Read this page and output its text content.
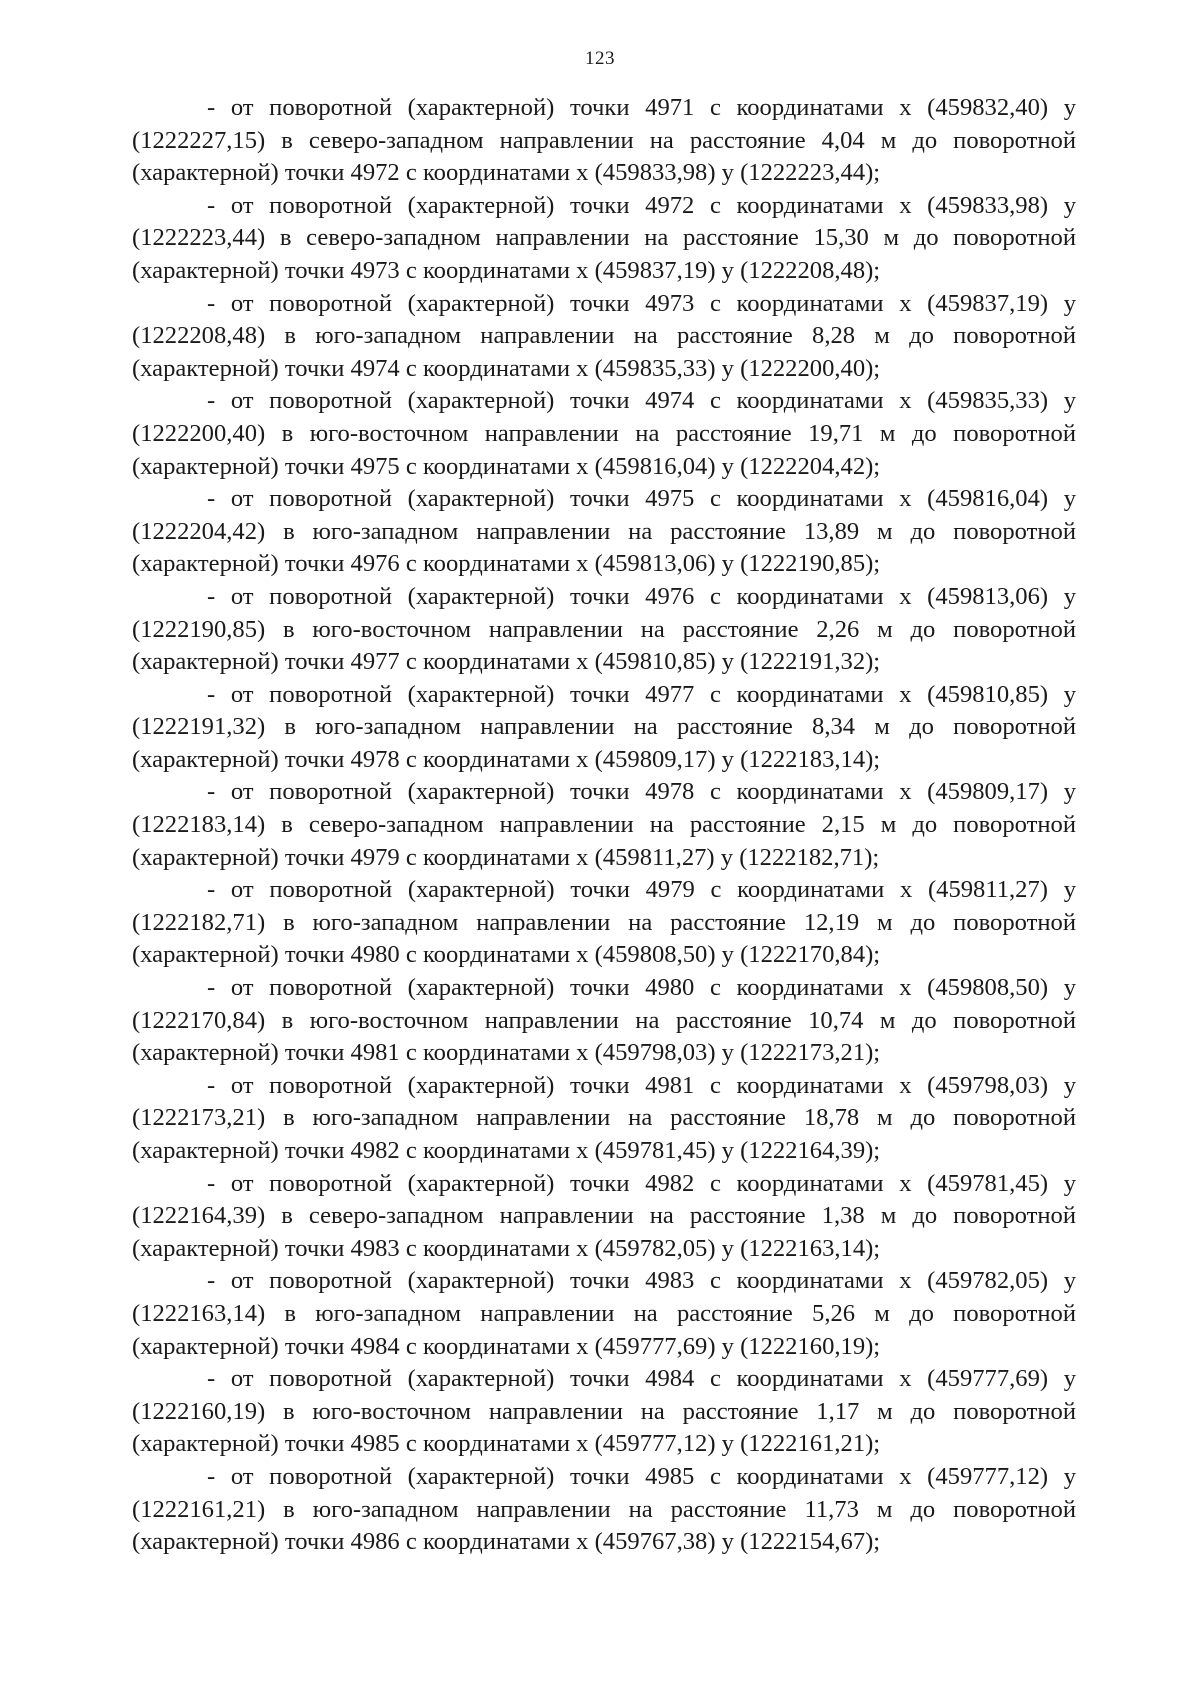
123

- от поворотной (характерной) точки 4971 с координатами х (459832,40) у (1222227,15) в северо-западном направлении на расстояние 4,04 м до поворотной (характерной) точки 4972 с координатами х (459833,98) у (1222223,44);

- от поворотной (характерной) точки 4972 с координатами х (459833,98) у (1222223,44) в северо-западном направлении на расстояние 15,30 м до поворотной (характерной) точки 4973 с координатами х (459837,19) у (1222208,48);

- от поворотной (характерной) точки 4973 с координатами х (459837,19) у (1222208,48) в юго-западном направлении на расстояние 8,28 м до поворотной (характерной) точки 4974 с координатами х (459835,33) у (1222200,40);

- от поворотной (характерной) точки 4974 с координатами х (459835,33) у (1222200,40) в юго-восточном направлении на расстояние 19,71 м до поворотной (характерной) точки 4975 с координатами х (459816,04) у (1222204,42);

- от поворотной (характерной) точки 4975 с координатами х (459816,04) у (1222204,42) в юго-западном направлении на расстояние 13,89 м до поворотной (характерной) точки 4976 с координатами х (459813,06) у (1222190,85);

- от поворотной (характерной) точки 4976 с координатами х (459813,06) у (1222190,85) в юго-восточном направлении на расстояние 2,26 м до поворотной (характерной) точки 4977 с координатами х (459810,85) у (1222191,32);

- от поворотной (характерной) точки 4977 с координатами х (459810,85) у (1222191,32) в юго-западном направлении на расстояние 8,34 м до поворотной (характерной) точки 4978 с координатами х (459809,17) у (1222183,14);

- от поворотной (характерной) точки 4978 с координатами х (459809,17) у (1222183,14) в северо-западном направлении на расстояние 2,15 м до поворотной (характерной) точки 4979 с координатами х (459811,27) у (1222182,71);

- от поворотной (характерной) точки 4979 с координатами х (459811,27) у (1222182,71) в юго-западном направлении на расстояние 12,19 м до поворотной (характерной) точки 4980 с координатами х (459808,50) у (1222170,84);

- от поворотной (характерной) точки 4980 с координатами х (459808,50) у (1222170,84) в юго-восточном направлении на расстояние 10,74 м до поворотной (характерной) точки 4981 с координатами х (459798,03) у (1222173,21);

- от поворотной (характерной) точки 4981 с координатами х (459798,03) у (1222173,21) в юго-западном направлении на расстояние 18,78 м до поворотной (характерной) точки 4982 с координатами х (459781,45) у (1222164,39);

- от поворотной (характерной) точки 4982 с координатами х (459781,45) у (1222164,39) в северо-западном направлении на расстояние 1,38 м до поворотной (характерной) точки 4983 с координатами х (459782,05) у (1222163,14);

- от поворотной (характерной) точки 4983 с координатами х (459782,05) у (1222163,14) в юго-западном направлении на расстояние 5,26 м до поворотной (характерной) точки 4984 с координатами х (459777,69) у (1222160,19);

- от поворотной (характерной) точки 4984 с координатами х (459777,69) у (1222160,19) в юго-восточном направлении на расстояние 1,17 м до поворотной (характерной) точки 4985 с координатами х (459777,12) у (1222161,21);

- от поворотной (характерной) точки 4985 с координатами х (459777,12) у (1222161,21) в юго-западном направлении на расстояние 11,73 м до поворотной (характерной) точки 4986 с координатами х (459767,38) у (1222154,67);
